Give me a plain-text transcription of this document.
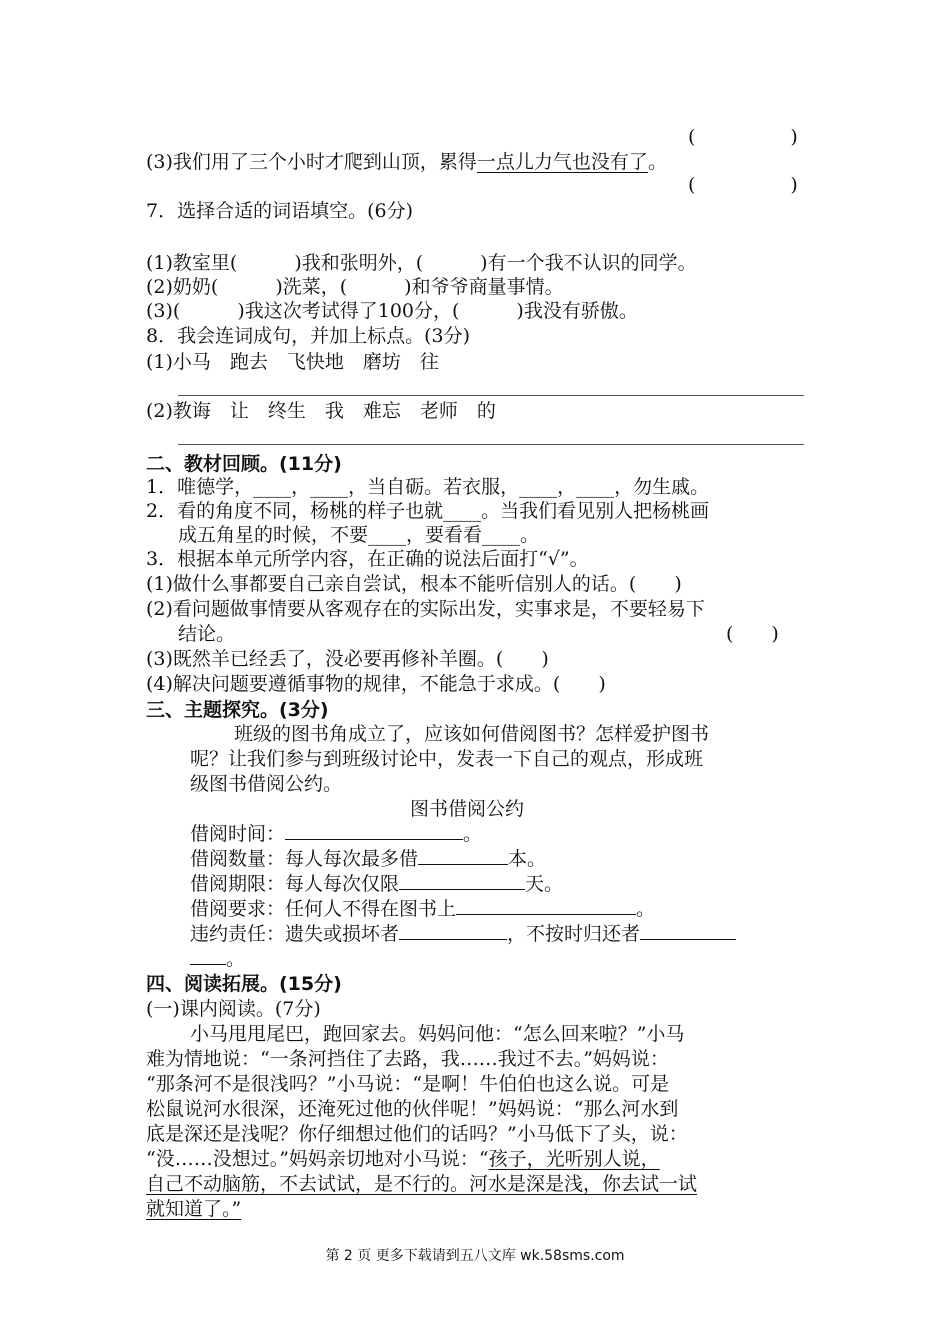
(　　　　　)
(3)我们用了三个小时才爬到山顶，累得一点儿力气也没有了。
(　　　　　)
7．选择合适的词语填空。(6分)
(1)教室里(　　　)我和张明外，(　　　)有一个我不认识的同学。
(2)奶奶(　　　)洗菜，(　　　)和爷爷商量事情。
(3)(　　　)我这次考试得了100分，(　　　)我没有骄傲。
8．我会连词成句，并加上标点。(3分)
(1)小马　跑去　飞快地　磨坊　往
(2)教诲　让　终生　我　难忘　老师　的
二、教材回顾。(11分)
1．唯德学，____，____，当自砺。若衣服，____，____，勿生戚。
2．看的角度不同，杨桃的样子也就____。当我们看见别人把杨桃画
成五角星的时候，不要____，要看看____。
3．根据本单元所学内容，在正确的说法后面打“√”。
(1)做什么事都要自己亲自尝试，根本不能听信别人的话。(　　)
(2)看问题做事情要从客观存在的实际出发，实事求是，不要轻易下
结论。	(　　)
(3)既然羊已经丢了，没必要再修补羊圈。(　　)
(4)解决问题要遵循事物的规律，不能急于求成。(　　)
三、主题探究。(3分)
班级的图书角成立了，应该如何借阅图书？怎样爱护图书
呢？让我们参与到班级讨论中，发表一下自己的观点，形成班
级图书借阅公约。
图书借阅公约
借阅时间：	。
借阅数量：每人每次最多借	本。
借阅期限：每人每次仅限	天。
借阅要求：任何人不得在图书上	。
违约责任：遗失或损坏者	，不按时归还者
。
四、阅读拓展。(15分)
(一)课内阅读。(7分)
小马甩甩尾巴，跑回家去。妈妈问他：“怎么回来啦？”小马
难为情地说：“一条河挡住了去路，我……我过不去。”妈妈说：
“那条河不是很浅吗？”小马说：“是啊！牛伯伯也这么说。可是
松鼠说河水很深，还淹死过他的伙伴呢！”妈妈说：“那么河水到
底是深还是浅呢？你仔细想过他们的话吗？”小马低下了头，说：
“没……没想过。”妈妈亲切地对小马说：“孩子，光听别人说，
自己不动脑筋，不去试试，是不行的。河水是深是浅，你去试一试
就知道了。”
第 2 页 更多下载请到五八文库 wk.58sms.com
